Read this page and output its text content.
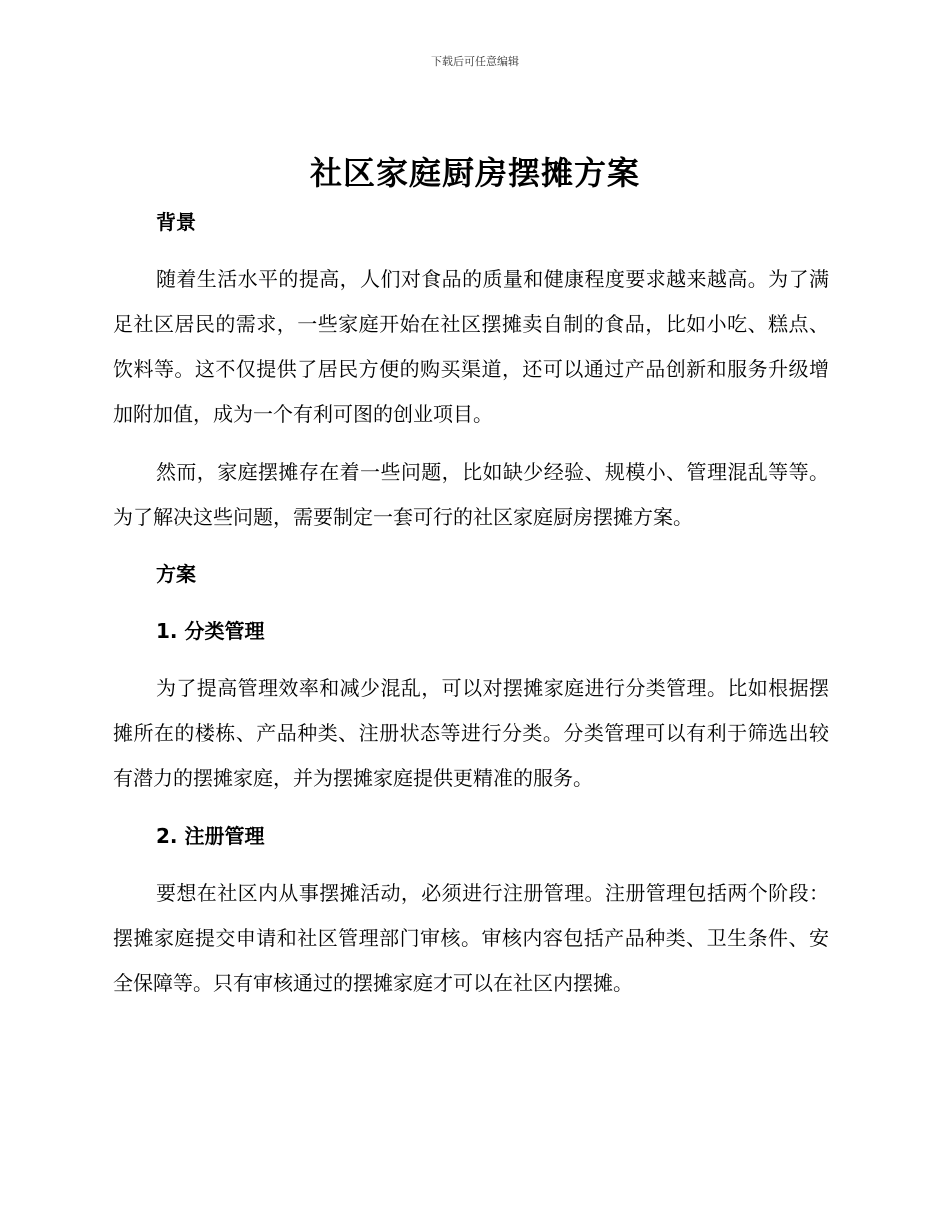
下载后可任意编辑
社区家庭厨房摆摊方案
背景

随着生活水平的提高，人们对食品的质量和健康程度要求越来越高。为了满足社区居民的需求，一些家庭开始在社区摆摊卖自制的食品，比如小吃、糕点、饮料等。这不仅提供了居民方便的购买渠道，还可以通过产品创新和服务升级增加附加值，成为一个有利可图的创业项目。

然而，家庭摆摊存在着一些问题，比如缺少经验、规模小、管理混乱等等。为了解决这些问题，需要制定一套可行的社区家庭厨房摆摊方案。

方案
1. 分类管理

为了提高管理效率和减少混乱，可以对摆摊家庭进行分类管理。比如根据摆摊所在的楼栋、产品种类、注册状态等进行分类。分类管理可以有利于筛选出较有潜力的摆摊家庭，并为摆摊家庭提供更精准的服务。

2. 注册管理

要想在社区内从事摆摊活动，必须进行注册管理。注册管理包括两个阶段：摆摊家庭提交申请和社区管理部门审核。审核内容包括产品种类、卫生条件、安全保障等。只有审核通过的摆摊家庭才可以在社区内摆摊。
